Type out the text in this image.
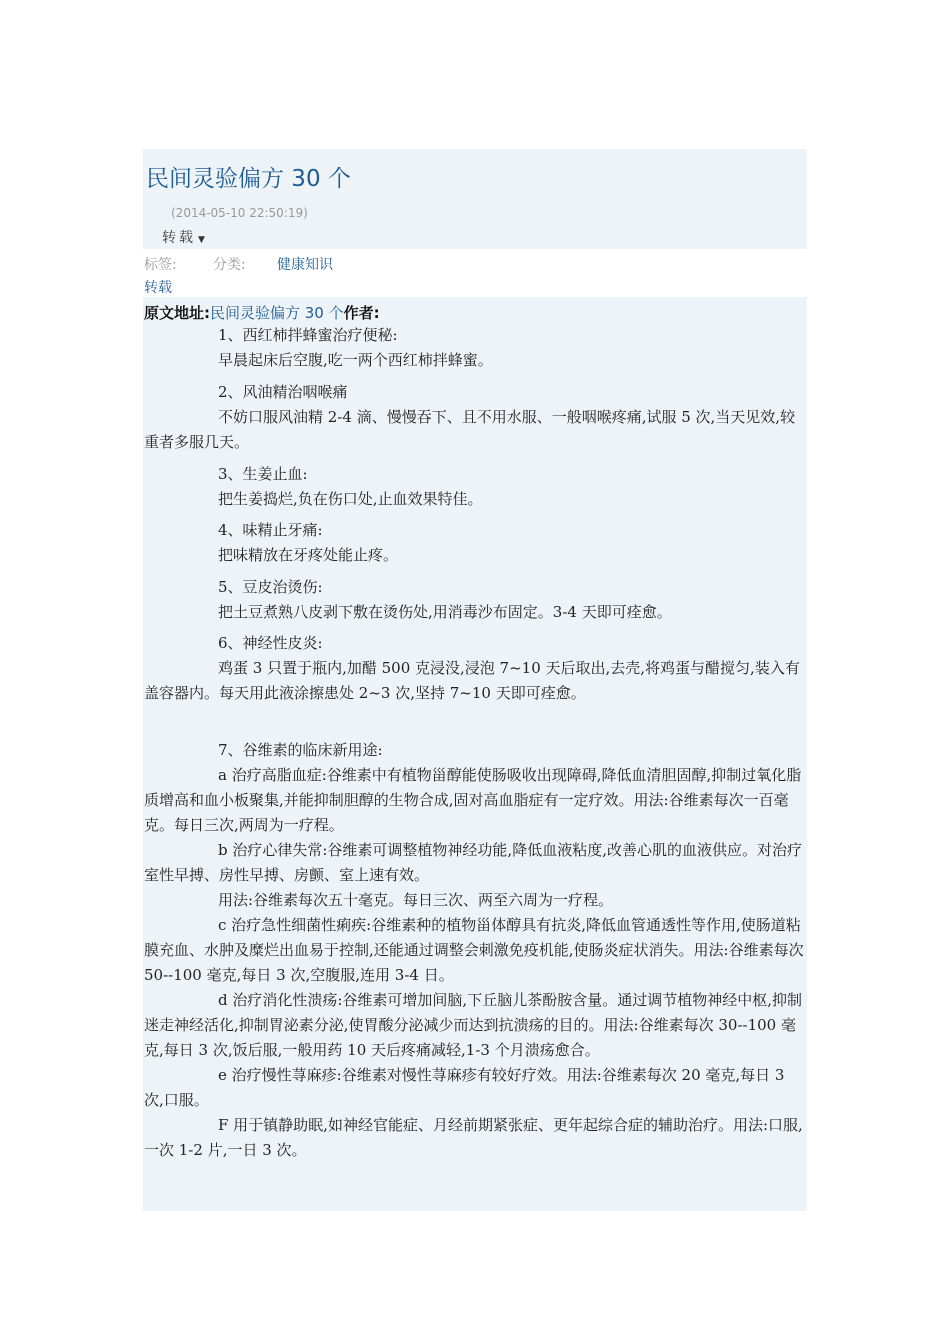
民间灵验偏方 30 个
(2014-05-10 22:50:19)
转载 ▼
标签:	分类: 健康知识
转载
原文地址:民间灵验偏方 30 个作者:

1、西红柿拌蜂蜜治疗便秘:

早晨起床后空腹,吃一两个西红柿拌蜂蜜。

2、风油精治咽喉痛

不妨口服风油精 2-4 滴、慢慢吞下、且不用水服、一般咽喉疼痛,试服 5 次,当天见效,较重者多服几天。

3、生姜止血:

把生姜捣烂,负在伤口处,止血效果特佳。

4、味精止牙痛:

把味精放在牙疼处能止疼。

5、豆皮治烫伤:

把土豆煮熟八皮剥下敷在烫伤处,用消毒沙布固定。3-4 天即可痊愈。

6、神经性皮炎:

鸡蛋 3 只置于瓶内,加醋 500 克浸没,浸泡 7~10 天后取出,去壳,将鸡蛋与醋搅匀,装入有盖容器内。每天用此液涂擦患处 2~3 次,坚持 7~10 天即可痊愈。

7、谷维素的临床新用途:

a 治疗高脂血症:谷维素中有植物甾醇能使肠吸收出现障碍,降低血清胆固醇,抑制过氧化脂质增高和血小板聚集,并能抑制胆醇的生物合成,固对高血脂症有一定疗效。用法:谷维素每次一百毫克。每日三次,两周为一疗程。

b 治疗心律失常:谷维素可调整植物神经功能,降低血液粘度,改善心肌的血液供应。对治疗室性早搏、房性早搏、房颤、室上速有效。

用法:谷维素每次五十毫克。每日三次、两至六周为一疗程。

c 治疗急性细菌性痢疾:谷维素种的植物甾体醇具有抗炎,降低血管通透性等作用,使肠道粘膜充血、水肿及糜烂出血易于控制,还能通过调整会刺激免疫机能,使肠炎症状消失。用法:谷维素每次 50--100 毫克,每日 3 次,空腹服,连用 3-4 日。

d 治疗消化性溃疡:谷维素可增加间脑,下丘脑儿茶酚胺含量。通过调节植物神经中枢,抑制迷走神经活化,抑制胃泌素分泌,使胃酸分泌减少而达到抗溃疡的目的。用法:谷维素每次 30--100 毫克,每日 3 次,饭后服,一般用药 10 天后疼痛减轻,1-3 个月溃疡愈合。

e 治疗慢性荨麻疹:谷维素对慢性荨麻疹有较好疗效。用法:谷维素每次 20 毫克,每日 3 次,口服。

F 用于镇静助眠,如神经官能症、月经前期紧张症、更年起综合症的辅助治疗。用法:口服,一次 1-2 片,一日 3 次。
